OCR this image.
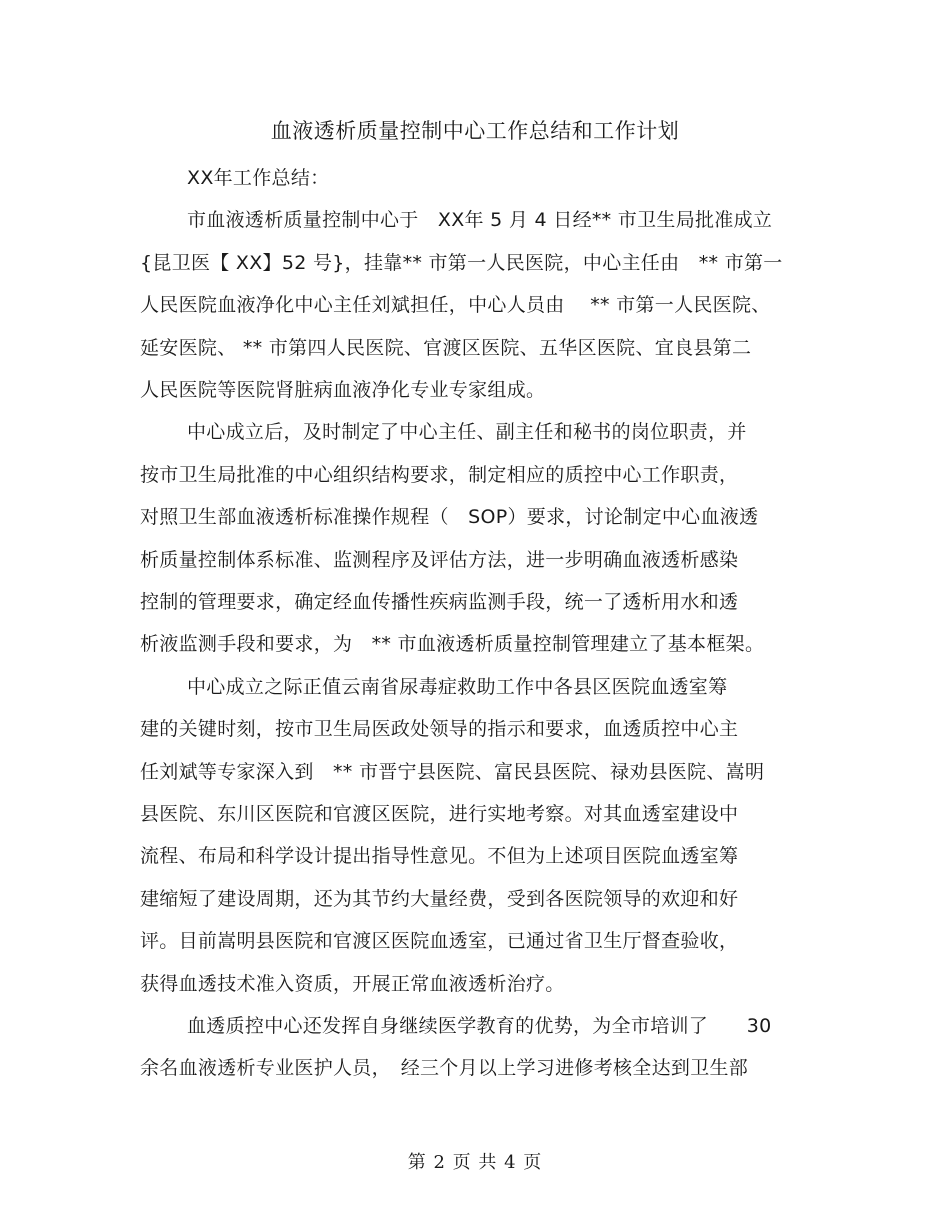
血液透析质量控制中心工作总结和工作计划
XX年工作总结：
市血液透析质量控制中心于　XX年 5 月 4 日经** 市卫生局批准成立
{昆卫医【 XX】52 号}，挂靠** 市第一人民医院，中心主任由　** 市第一
人民医院血液净化中心主任刘斌担任，中心人员由　 ** 市第一人民医院、
延安医院、 ** 市第四人民医院、官渡区医院、五华区医院、宜良县第二
人民医院等医院肾脏病血液净化专业专家组成。
中心成立后，及时制定了中心主任、副主任和秘书的岗位职责，并
按市卫生局批准的中心组织结构要求，制定相应的质控中心工作职责，
对照卫生部血液透析标准操作规程（　SOP）要求，讨论制定中心血液透
析质量控制体系标准、监测程序及评估方法，进一步明确血液透析感染
控制的管理要求，确定经血传播性疾病监测手段，统一了透析用水和透
析液监测手段和要求，为　** 市血液透析质量控制管理建立了基本框架。
中心成立之际正值云南省尿毒症救助工作中各县区医院血透室筹
建的关键时刻，按市卫生局医政处领导的指示和要求，血透质控中心主
任刘斌等专家深入到　** 市晋宁县医院、富民县医院、禄劝县医院、嵩明
县医院、东川区医院和官渡区医院，进行实地考察。对其血透室建设中
流程、布局和科学设计提出指导性意见。不但为上述项目医院血透室筹
建缩短了建设周期，还为其节约大量经费，受到各医院领导的欢迎和好
评。目前嵩明县医院和官渡区医院血透室，已通过省卫生厅督查验收，
获得血透技术准入资质，开展正常血液透析治疗。
血透质控中心还发挥自身继续医学教育的优势，为全市培训了　　30
余名血液透析专业医护人员，　经三个月以上学习进修考核全达到卫生部
第 2 页 共 4 页
